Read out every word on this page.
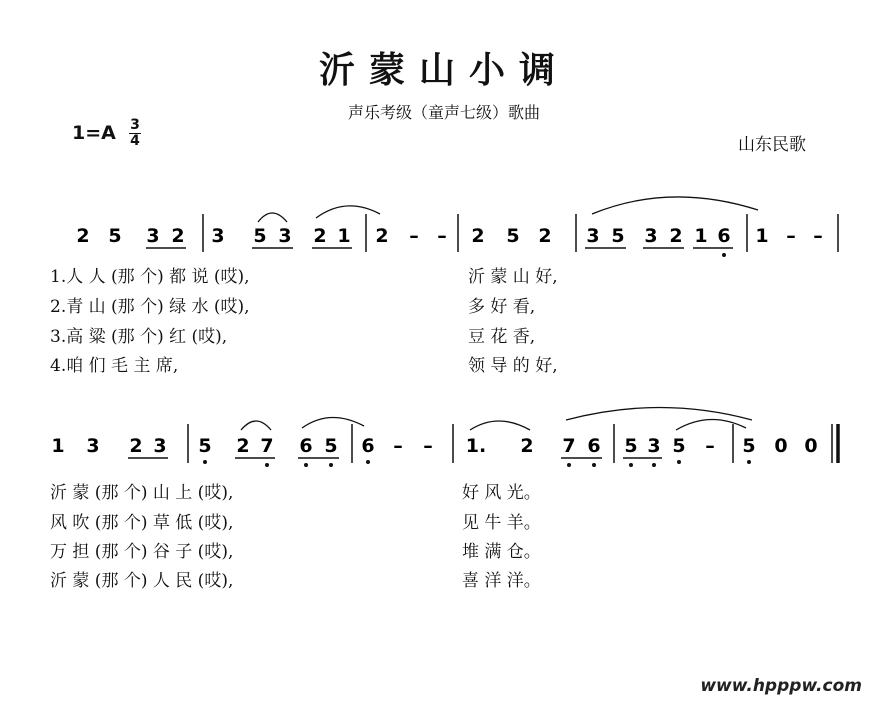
沂蒙山小调
声乐考级（童声七级）歌曲
1=A 3
4	山东民歌
2 5 3 2 3 5 3 2 1 2 – – 2 5 2 3 5 3 2 1 6 1 – –
1 3 2 3 5 2 7 6 5 6 – – 1. 2 7 6 5 3 5 – 5 0 0
1.人 人 (那 个) 都 说 (哎),	沂 蒙 山 好,
2.青 山 (那 个) 绿 水 (哎),	多 好 看,
3.高 粱 (那 个) 红 (哎),	豆 花 香,
4.咱 们 毛 主 席,	领 导 的 好,
沂 蒙 (那 个) 山 上 (哎),	好 风 光。
风 吹 (那 个) 草 低 (哎),	见 牛 羊。
万 担 (那 个) 谷 子 (哎),	堆 满 仓。
沂 蒙 (那 个) 人 民 (哎),	喜 洋 洋。
www.hpppw.com
